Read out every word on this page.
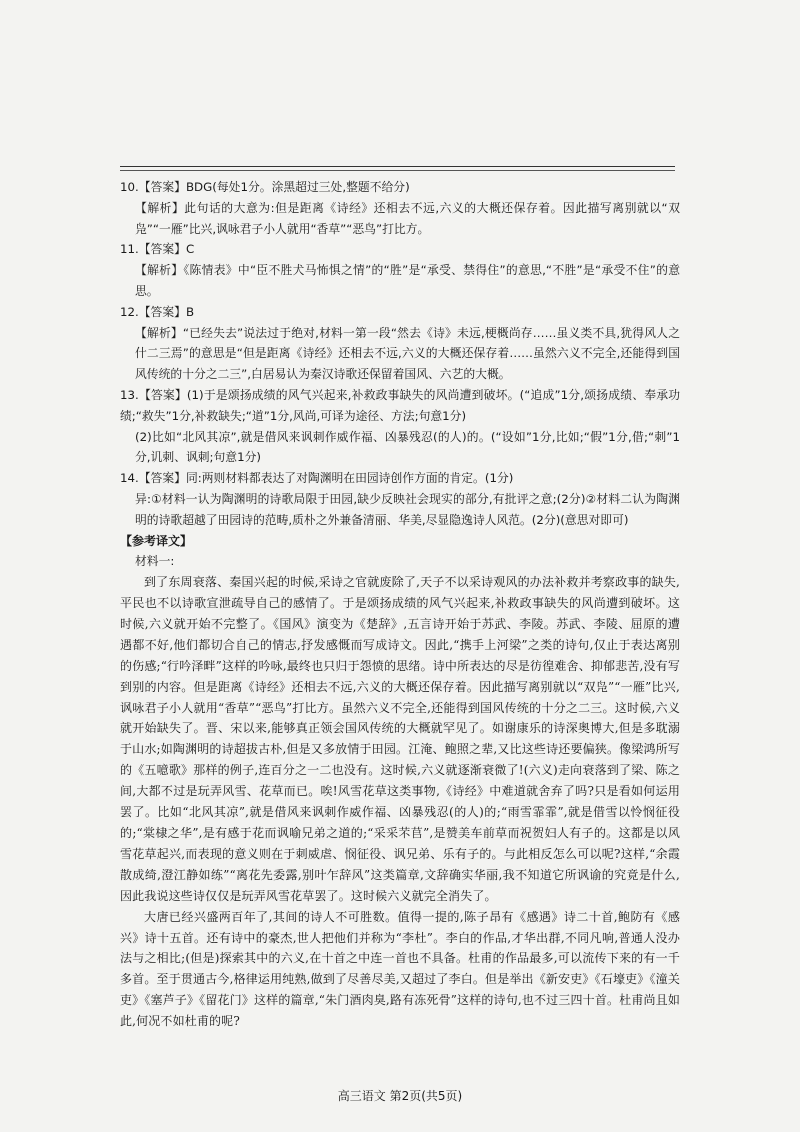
10.【答案】BDG(每处1分。涂黑超过三处,整题不给分)

【解析】此句话的大意为:但是距离《诗经》还相去不远,六义的大概还保存着。因此描写离别就以“双凫”“一雁”比兴,讽咏君子小人就用“香草”“恶鸟”打比方。

11.【答案】C

【解析】《陈情表》中“臣不胜犬马怖惧之情”的“胜”是“承受、禁得住”的意思,“不胜”是“承受不住”的意思。

12.【答案】B

【解析】“已经失去”说法过于绝对,材料一第一段“然去《诗》未远,梗概尚存……虽义类不具,犹得风人之什二三焉”的意思是“但是距离《诗经》还相去不远,六义的大概还保存着……虽然六义不完全,还能得到国风传统的十分之二三”,白居易认为秦汉诗歌还保留着国风、六艺的大概。

13.【答案】(1)于是颂扬成绩的风气兴起来,补救政事缺失的风尚遭到破坏。(“追成”1分,颂扬成绩、奉承功绩;“救失”1分,补救缺失;“道”1分,风尚,可译为途径、方法;句意1分)

(2)比如“北风其凉”,就是借风来讽刺作威作福、凶暴残忍(的人)的。(“设如”1分,比如;“假”1分,借;“刺”1分,讥刺、讽刺;句意1分)

14.【答案】同:两则材料都表达了对陶渊明在田园诗创作方面的肯定。(1分)

异:①材料一认为陶渊明的诗歌局限于田园,缺少反映社会现实的部分,有批评之意;(2分)②材料二认为陶渊明的诗歌超越了田园诗的范畴,质朴之外兼备清丽、华美,尽显隐逸诗人风范。(2分)(意思对即可)

【参考译文】

材料一:

到了东周衰落、秦国兴起的时候,采诗之官就废除了,天子不以采诗观风的办法补救并考察政事的缺失,平民也不以诗歌宣泄疏导自己的感情了。于是颂扬成绩的风气兴起来,补救政事缺失的风尚遭到破坏。这时候,六义就开始不完整了。《国风》演变为《楚辞》,五言诗开始于苏武、李陵。苏武、李陵、屈原的遭遇都不好,他们都切合自己的情志,抒发感慨而写成诗文。因此,“携手上河梁”之类的诗句,仅止于表达离别的伤感;“行吟泽畔”这样的吟咏,最终也只归于怨愤的思绪。诗中所表达的尽是彷徨难舍、抑郁悲苦,没有写到别的内容。但是距离《诗经》还相去不远,六义的大概还保存着。因此描写离别就以“双凫”“一雁”比兴,讽咏君子小人就用“香草”“恶鸟”打比方。虽然六义不完全,还能得到国风传统的十分之二三。这时候,六义就开始缺失了。晋、宋以来,能够真正领会国风传统的大概就罕见了。如谢康乐的诗深奥博大,但是多耽溺于山水;如陶渊明的诗超拔古朴,但是又多放情于田园。江淹、鲍照之辈,又比这些诗还要偏狭。像梁鸿所写的《五噫歌》那样的例子,连百分之一二也没有。这时候,六义就逐渐衰微了!(六义)走向衰落到了梁、陈之间,大都不过是玩弄风雪、花草而已。唉!风雪花草这类事物,《诗经》中难道就舍弃了吗?只是看如何运用罢了。比如“北风其凉”,就是借风来讽刺作威作福、凶暴残忍(的人)的;“雨雪霏霏”,就是借雪以怜悯征役的;“棠棣之华”,是有感于花而讽喻兄弟之道的;“采采芣苢”,是赞美车前草而祝贺妇人有子的。这都是以风雪花草起兴,而表现的意义则在于刺威虐、悯征役、讽兄弟、乐有子的。与此相反怎么可以呢?这样,“余霞散成绮,澄江静如练”“离花先委露,别叶乍辞风”这类篇章,文辞确实华丽,我不知道它所讽谕的究竟是什么,因此我说这些诗仅仅是玩弄风雪花草罢了。这时候六义就完全消失了。

大唐已经兴盛两百年了,其间的诗人不可胜数。值得一提的,陈子昂有《感遇》诗二十首,鲍防有《感兴》诗十五首。还有诗中的豪杰,世人把他们并称为“李杜”。李白的作品,才华出群,不同凡响,普通人没办法与之相比;(但是)探索其中的六义,在十首之中连一首也不具备。杜甫的作品最多,可以流传下来的有一千多首。至于贯通古今,格律运用纯熟,做到了尽善尽美,又超过了李白。但是举出《新安吏》《石壕吏》《潼关吏》《塞芦子》《留花门》这样的篇章,“朱门酒肉臭,路有冻死骨”这样的诗句,也不过三四十首。杜甫尚且如此,何况不如杜甫的呢?

高三语文 第2页(共5页)
